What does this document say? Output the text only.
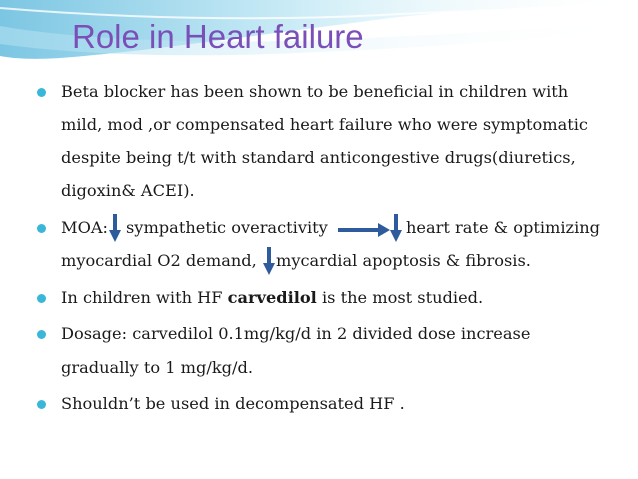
Role in Heart failure
Beta blocker has been shown to be beneficial in children with
mild, mod ,or compensated heart failure who were symptomatic
despite being t/t with standard anticongestive drugs(diuretics,
digoxin& ACEI).
MOA: sympathetic overactivity	heart rate & optimizing
myocardial O2 demand, mycardial apoptosis & fibrosis.
In children with HF carvedilol is the most studied.
Dosage: carvedilol 0.1mg/kg/d in 2 divided dose increase
gradually to 1 mg/kg/d.
Shouldn’t be used in decompensated HF .
